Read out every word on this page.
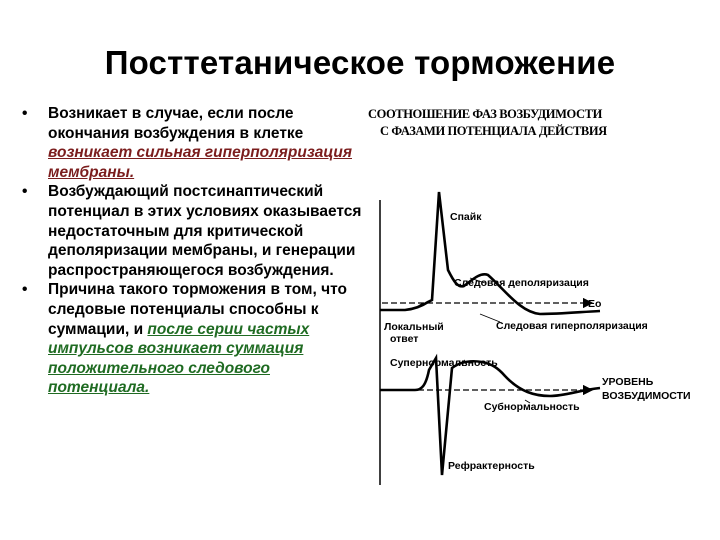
Посттетаническое торможение
• Возникает в случае, если после окончания возбуждения в клетке возникает сильная гиперполяризация мембраны.
• Возбуждающий постсинаптический потенциал в этих условиях оказывается недостаточным для критической деполяризации мембраны, и генерации распространяющегося возбуждения.
• Причина такого торможения в том, что следовые потенциалы способны к суммации, и после серии частых импульсов возникает суммация положительного следового потенциала.
СООТНОШЕНИЕ ФАЗ ВОЗБУДИМОСТИ
С ФАЗАМИ ПОТЕНЦИАЛА ДЕЙСТВИЯ
Спайк
Следовая деполяризация
Eo
Локальный
ответ
Следовая гиперполяризация
Супернормальность
УРОВЕНЬ
ВОЗБУДИМОСТИ
Субнормальность
Рефрактерность
